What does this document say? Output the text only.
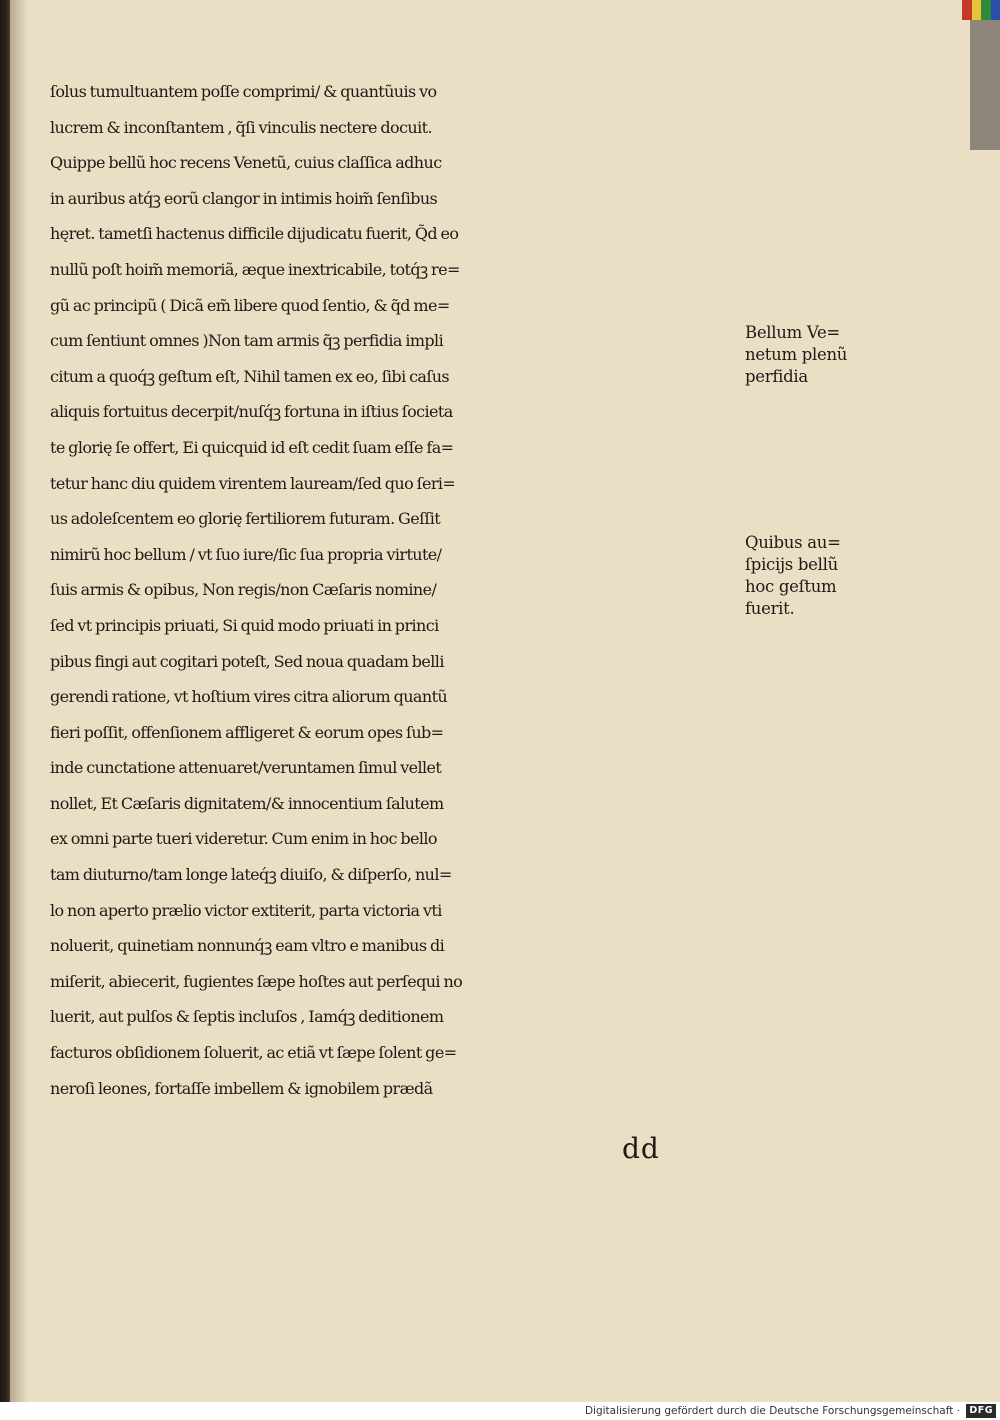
ſolus tumultuantem poſſe comprimi/ & quantũuis vo
lucrem & inconſtantem , q̃ſi vinculis nectere docuit.
Quippe bellũ hoc recens Venetũ, cuius claſſica adhuc
in auribus atq́ꝫ eorũ clangor in intimis hoim̃ ſenſibus
hęret. tametſi hactenus difficile dijudicatu fuerit, Q̃d eo
nullũ poſt hoim̃ memoriã, æque inextricabile, totq́ꝫ re=
gũ ac principũ ( Dicã em̃ libere quod ſentio, & q̃d me=
cum ſentiunt omnes )Non tam armis q̃ꝫ perfidia impli
citum a quoq́ꝫ geſtum eſt, Nihil tamen ex eo, ſibi caſus
aliquis fortuitus decerpit/nuſq́ꝫ fortuna in iſtius ſocieta
te glorię ſe offert, Ei quicquid id eſt cedit ſuam eſſe fa=
tetur hanc diu quidem virentem lauream/ſed quo ſeri=
us adoleſcentem eo glorię fertiliorem futuram. Geſſit
nimirũ hoc bellum / vt ſuo iure/ſic ſua propria virtute/
ſuis armis & opibus, Non regis/non Cæſaris nomine/
ſed vt principis priuati, Si quid modo priuati in princi
pibus fingi aut cogitari poteſt, Sed noua quadam belli
gerendi ratione, vt hoſtium vires citra aliorum quantũ
fieri poſſit, offenſionem affligeret & eorum opes ſub=
inde cunctatione attenuaret/veruntamen ſimul vellet
nollet, Et Cæſaris dignitatem/& innocentium ſalutem
ex omni parte tueri videretur. Cum enim in hoc bello
tam diuturno/tam longe lateq́ꝫ diuiſo, & diſperſo, nul=
lo non aperto prælio victor extiterit, parta victoria vti
noluerit, quinetiam nonnunq́ꝫ eam vltro e manibus di
miſerit, abiecerit, fugientes ſæpe hoſtes aut perſequi no
luerit, aut pulſos & ſeptis incluſos , Iamq́ꝫ deditionem
facturos obſidionem ſoluerit, ac etiã vt ſæpe ſolent ge=
neroſi leones, fortaſſe imbellem & ignobilem prædã
Bellum Ve=
netum plenũ
perfidia
Quibus au=
ſpicijs bellũ
hoc geſtum
fuerit.
dd
Digitalisierung gefördert durch die Deutsche Forschungsgemeinschaft · DFG
